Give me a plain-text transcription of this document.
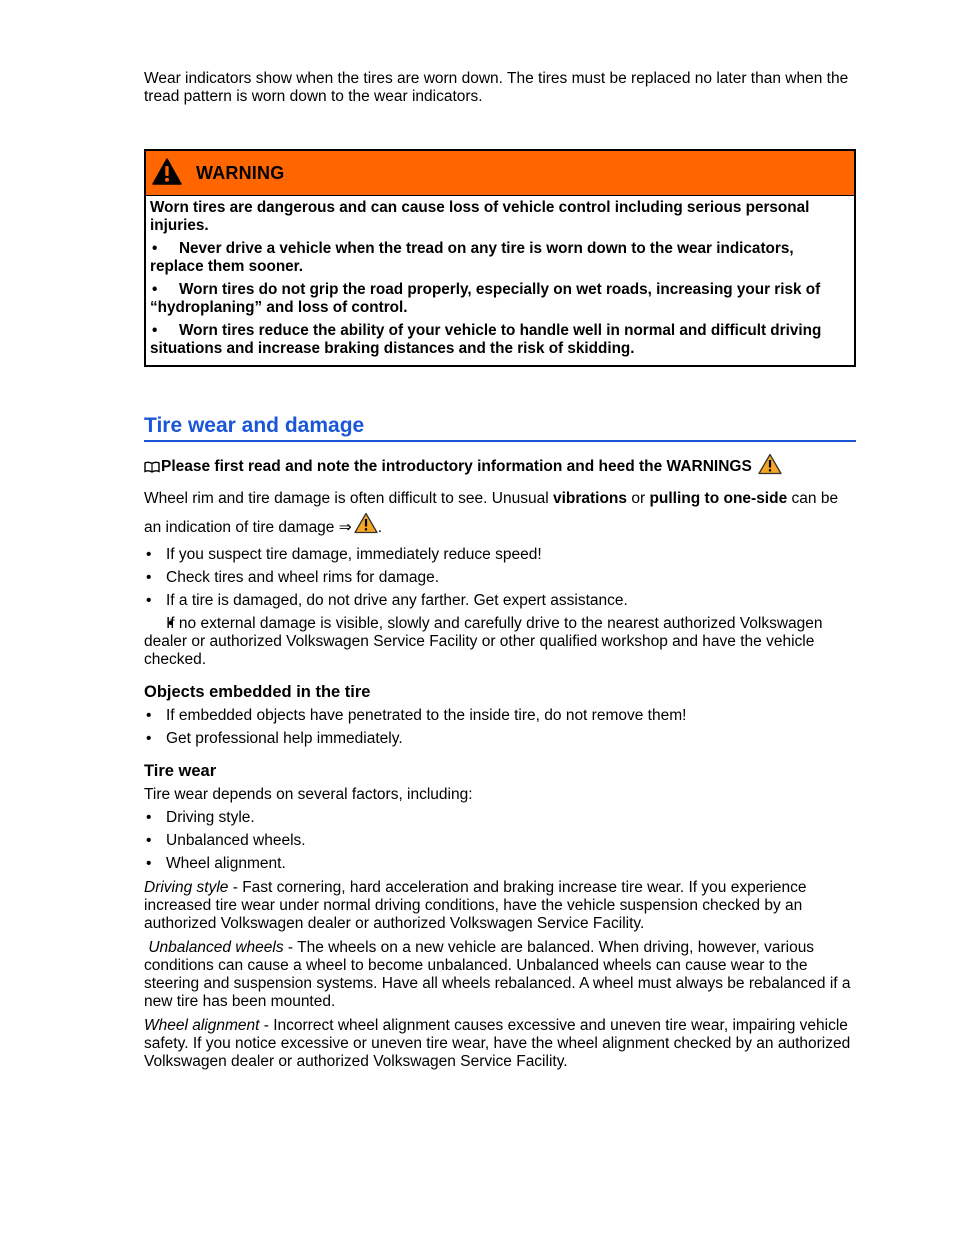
Wear indicators show when the tires are worn down. The tires must be replaced no later than when the tread pattern is worn down to the wear indicators.

WARNING

Worn tires are dangerous and can cause loss of vehicle control including serious personal injuries.

• Never drive a vehicle when the tread on any tire is worn down to the wear indicators, replace them sooner.

• Worn tires do not grip the road properly, especially on wet roads, increasing your risk of “hydroplaning” and loss of control.

• Worn tires reduce the ability of your vehicle to handle well in normal and difficult driving situations and increase braking distances and the risk of skidding.

Tire wear and damage

Please first read and note the introductory information and heed the WARNINGS

Wheel rim and tire damage is often difficult to see. Unusual vibrations or pulling to one-side can be an indication of tire damage ⇒ .

• If you suspect tire damage, immediately reduce speed!
• Check tires and wheel rims for damage.
• If a tire is damaged, do not drive any farther. Get expert assistance.
• If no external damage is visible, slowly and carefully drive to the nearest authorized Volkswagen dealer or authorized Volkswagen Service Facility or other qualified workshop and have the vehicle checked.
Objects embedded in the tire
• If embedded objects have penetrated to the inside tire, do not remove them!
• Get professional help immediately.
Tire wear

Tire wear depends on several factors, including:

• Driving style.
• Unbalanced wheels.
• Wheel alignment.

Driving style - Fast cornering, hard acceleration and braking increase tire wear. If you experience increased tire wear under normal driving conditions, have the vehicle suspension checked by an authorized Volkswagen dealer or authorized Volkswagen Service Facility.

Unbalanced wheels - The wheels on a new vehicle are balanced. When driving, however, various conditions can cause a wheel to become unbalanced. Unbalanced wheels can cause wear to the steering and suspension systems. Have all wheels rebalanced. A wheel must always be rebalanced if a new tire has been mounted.

Wheel alignment - Incorrect wheel alignment causes excessive and uneven tire wear, impairing vehicle safety. If you notice excessive or uneven tire wear, have the wheel alignment checked by an authorized Volkswagen dealer or authorized Volkswagen Service Facility.
